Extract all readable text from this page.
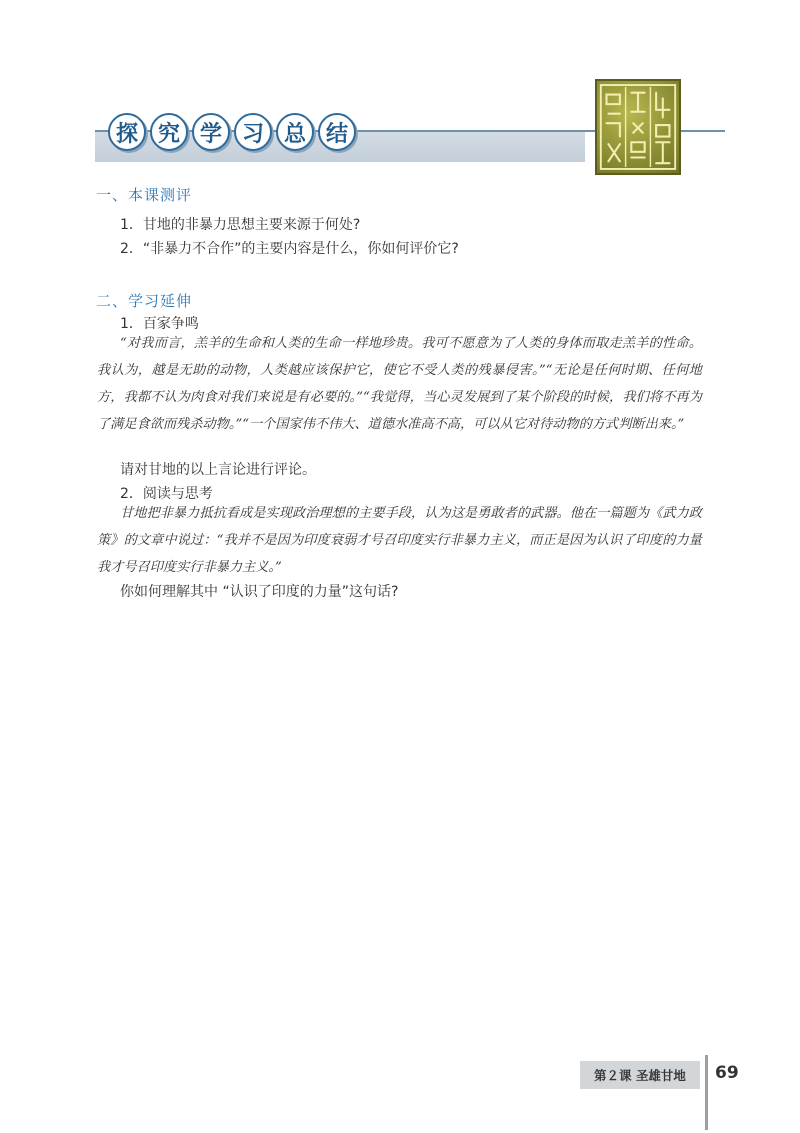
探 究 学 习 总 结
一、本课测评
1．甘地的非暴力思想主要来源于何处?
2．“非暴力不合作”的主要内容是什么，你如何评价它?
二、学习延伸
1．百家争鸣

“对我而言，羔羊的生命和人类的生命一样地珍贵。我可不愿意为了人类的身体而取走羔羊的性命。我认为，越是无助的动物，人类越应该保护它，使它不受人类的残暴侵害。”“无论是任何时期、任何地方，我都不认为肉食对我们来说是有必要的。”“我觉得，当心灵发展到了某个阶段的时候，我们将不再为了满足食欲而残杀动物。”“一个国家伟不伟大、道德水准高不高，可以从它对待动物的方式判断出来。”

请对甘地的以上言论进行评论。
2．阅读与思考

甘地把非暴力抵抗看成是实现政治理想的主要手段，认为这是勇敢者的武器。他在一篇题为《武力政策》的文章中说过：“我并不是因为印度衰弱才号召印度实行非暴力主义，而正是因为认识了印度的力量我才号召印度实行非暴力主义。”

你如何理解其中 “认识了印度的力量”这句话?
第２课 圣雄甘地 69
